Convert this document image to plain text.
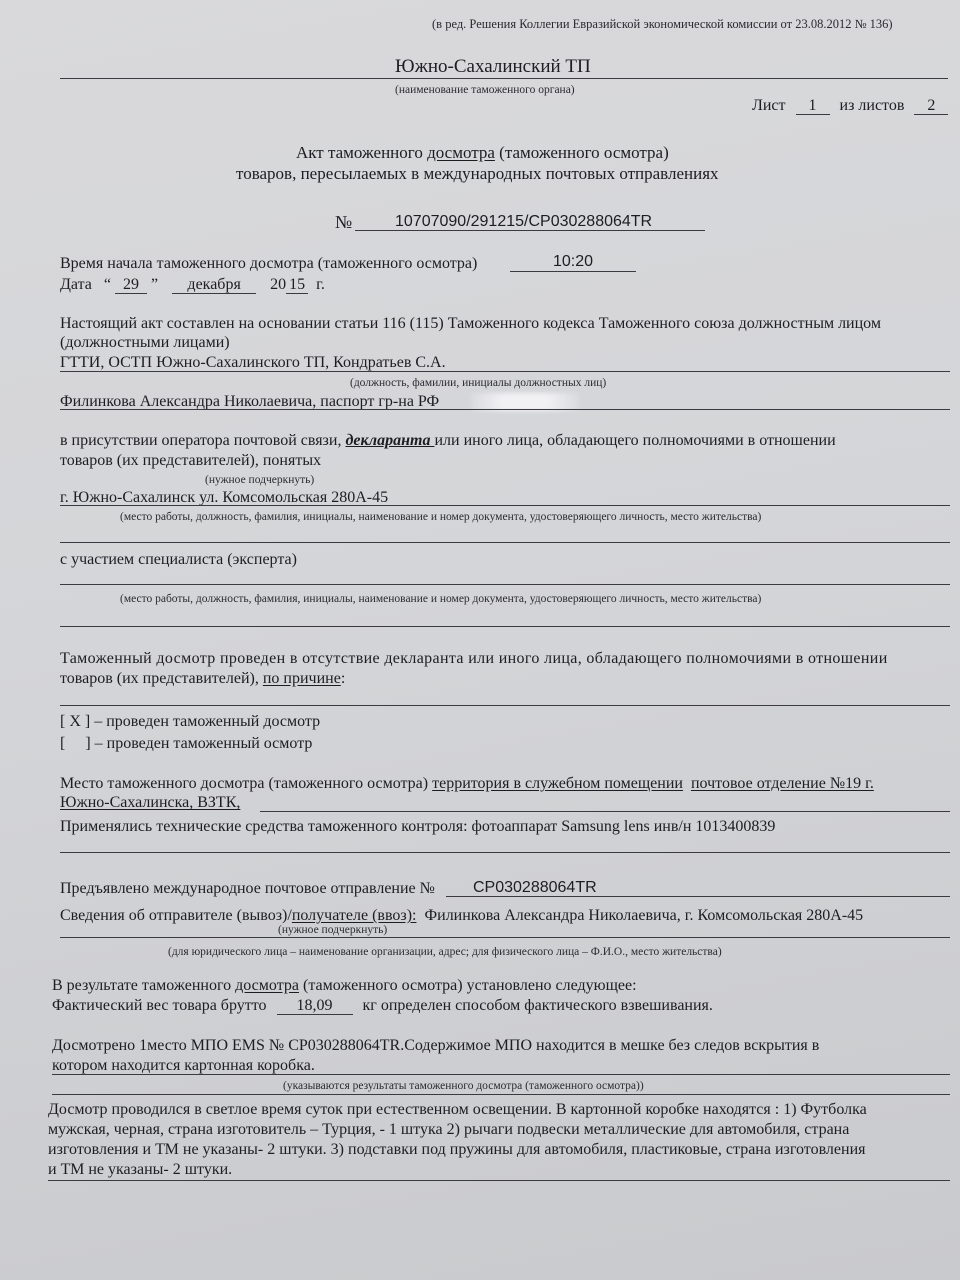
(в ред. Решения Коллегии Евразийской экономической комиссии от 23.08.2012 № 136)
Южно-Сахалинский ТП
(наименование таможенного органа)
Лист 1 из листов 2
Акт таможенного досмотра (таможенного осмотра)
товаров, пересылаемых в международных почтовых отправлениях
№	10707090/291215/CP030288064TR
Время начала таможенного досмотра (таможенного осмотра)	10:20
Дата “ 29 ” декабря 20 15 г.
Настоящий акт составлен на основании статьи 116 (115) Таможенного кодекса Таможенного союза должностным лицом
(должностными лицами)
ГТТИ, ОСТП Южно-Сахалинского ТП, Кондратьев С.А.
(должность, фамилии, инициалы должностных лиц)
Филинкова Александра Николаевича, паспорт гр-на РФ
в присутствии оператора почтовой связи, декларанта или иного лица, обладающего полномочиями в отношении
товаров (их представителей), понятых
(нужное подчеркнуть)
г. Южно-Сахалинск ул. Комсомольская 280А-45
(место работы, должность, фамилия, инициалы, наименование и номер документа, удостоверяющего личность, место жительства)
с участием специалиста (эксперта)
(место работы, должность, фамилия, инициалы, наименование и номер документа, удостоверяющего личность, место жительства)
Таможенный досмотр проведен в отсутствие декларанта или иного лица, обладающего полномочиями в отношении
товаров (их представителей), по причине:
[ X ] – проведен таможенный досмотр
[     ] – проведен таможенный осмотр
Место таможенного досмотра (таможенного осмотра) территория в служебном помещении почтовое отделение №19 г.
Южно-Сахалинска, ВЗТК,
Применялись технические средства таможенного контроля: фотоаппарат Samsung lens инв/н 1013400839
Предъявлено международное почтовое отправление № CP030288064TR
Сведения об отправителе (вывоз)/получателе (ввоз): Филинкова Александра Николаевича, г. Комсомольская 280А-45
(нужное подчеркнуть)
(для юридического лица – наименование организации, адрес; для физического лица – Ф.И.О., место жительства)
В результате таможенного досмотра (таможенного осмотра) установлено следующее:
Фактический вес товара брутто 18,09 кг определен способом фактического взвешивания.
Досмотрено 1место МПО EMS № CP030288064TR.Содержимое МПО находится в мешке без следов вскрытия в
котором находится картонная коробка.
(указываются результаты таможенного досмотра (таможенного осмотра))
Досмотр проводился в светлое время суток при естественном освещении. В картонной коробке находятся : 1) Футболка
мужская, черная, страна изготовитель – Турция, - 1 штука 2) рычаги подвески металлические для автомобиля, страна
изготовления и ТМ не указаны- 2 штуки. 3) подставки под пружины для автомобиля, пластиковые, страна изготовления
и ТМ не указаны- 2 штуки.
